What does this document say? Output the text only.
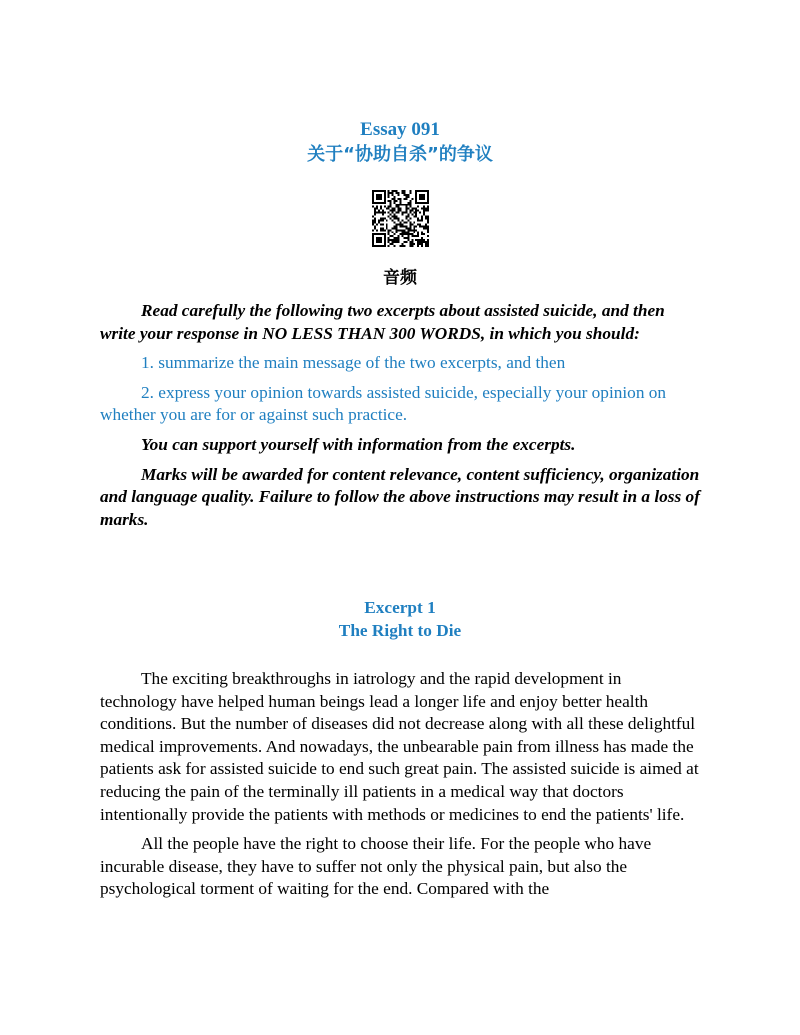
Essay 091
关于“协助自杀”的争议
音频

Read carefully the following two excerpts about assisted suicide, and then write your response in NO LESS THAN 300 WORDS, in which you should:

1. summarize the main message of the two excerpts, and then

2. express your opinion towards assisted suicide, especially your opinion on whether you are for or against such practice.

You can support yourself with information from the excerpts.

Marks will be awarded for content relevance, content sufficiency, organization and language quality. Failure to follow the above instructions may result in a loss of marks.

Excerpt 1
The Right to Die

The exciting breakthroughs in iatrology and the rapid development in technology have helped human beings lead a longer life and enjoy better health conditions. But the number of diseases did not decrease along with all these delightful medical improvements. And nowadays, the unbearable pain from illness has made the patients ask for assisted suicide to end such great pain. The assisted suicide is aimed at reducing the pain of the terminally ill patients in a medical way that doctors intentionally provide the patients with methods or medicines to end the patients' life.

All the people have the right to choose their life. For the people who have incurable disease, they have to suffer not only the physical pain, but also the psychological torment of waiting for the end. Compared with the
